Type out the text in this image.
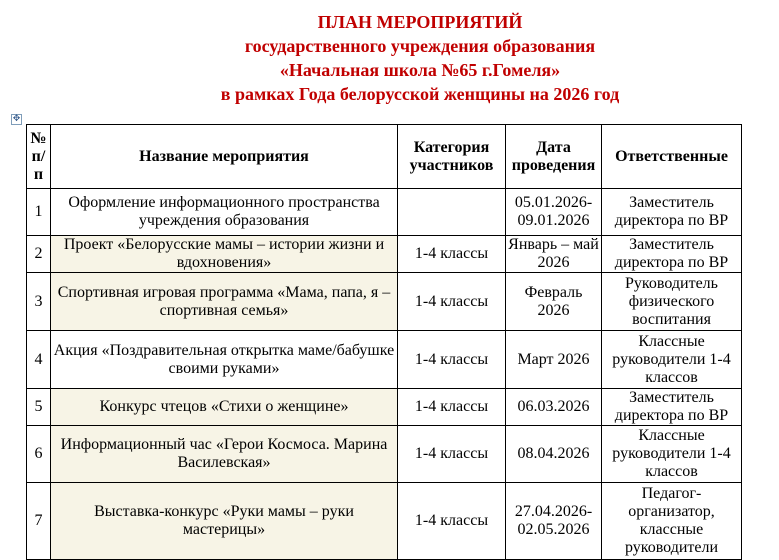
ПЛАН МЕРОПРИЯТИЙ
государственного учреждения образования
«Начальная школа №65 г.Гомеля»
в рамках Года белорусской женщины на 2026 год
✥
№ п/п	Название мероприятия	Категория участников	Дата проведения	Ответственные
1	Оформление информационного пространства учреждения образования		05.01.2026-09.01.2026	Заместитель директора по ВР
2	Проект «Белорусские мамы – истории жизни и вдохновения»	1-4 классы	Январь – май 2026	Заместитель директора по ВР
3	Спортивная игровая программа «Мама, папа, я – спортивная семья»	1-4 классы	Февраль 2026	Руководитель физического воспитания
4	Акция «Поздравительная открытка маме/бабушке своими руками»	1-4 классы	Март 2026	Классные руководители 1-4 классов
5	Конкурс чтецов «Стихи о женщине»	1-4 классы	06.03.2026	Заместитель директора по ВР
6	Информационный час «Герои Космоса. Марина Василевская»	1-4 классы	08.04.2026	Классные руководители 1-4 классов
7	Выставка-конкурс «Руки мамы – руки мастерицы»	1-4 классы	27.04.2026-02.05.2026	Педагог-организатор, классные руководители
